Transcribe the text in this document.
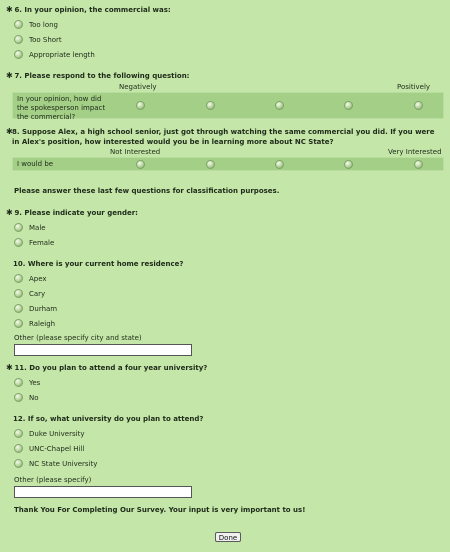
✱ 6. In your opinion, the commercial was:
Too long
Too Short
Appropriate length
✱ 7. Please respond to the following question:
Negatively	Positively
In your opinion, how did the spokesperson impact the commercial?
✱ 8. Suppose Alex, a high school senior, just got through watching the same commercial you did. If you were in Alex's position, how interested would you be in learning more about NC State?
Not Interested	Very Interested
I would be
Please answer these last few questions for classification purposes.
✱ 9. Please indicate your gender:
Male
Female
10. Where is your current home residence?
Apex
Cary
Durham
Raleigh
Other (please specify city and state)
✱ 11. Do you plan to attend a four year university?
Yes
No
12. If so, what university do you plan to attend?
Duke University
UNC-Chapel Hill
NC State University
Other (please specify)
Thank You For Completing Our Survey. Your input is very important to us!
Done
